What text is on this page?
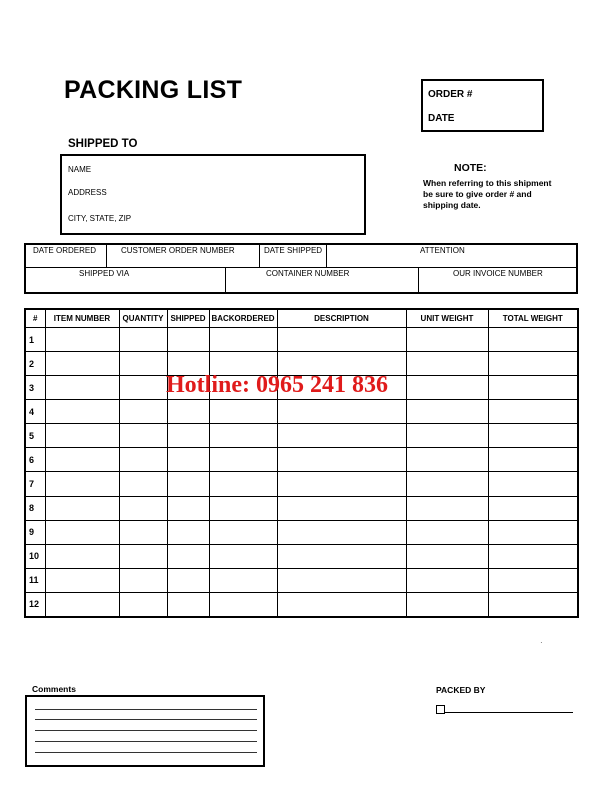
PACKING LIST	ORDER #
DATE
SHIPPED TO
NAME
ADDRESS
CITY, STATE, ZIP
NOTE:
When referring to this shipment be sure to give order # and shipping date.
DATE ORDERED	CUSTOMER ORDER NUMBER	DATE SHIPPED	ATTENTION
SHIPPED VIA	CONTAINER NUMBER	OUR INVOICE NUMBER
#	ITEM NUMBER	QUANTITY	SHIPPED	BACKORDERED	DESCRIPTION	UNIT WEIGHT	TOTAL WEIGHT
1							
2							
3							
4							
5							
6							
7							
8							
9							
10							
11							
12							
Hotline: 0965 241 836
·
Comments	PACKED BY
